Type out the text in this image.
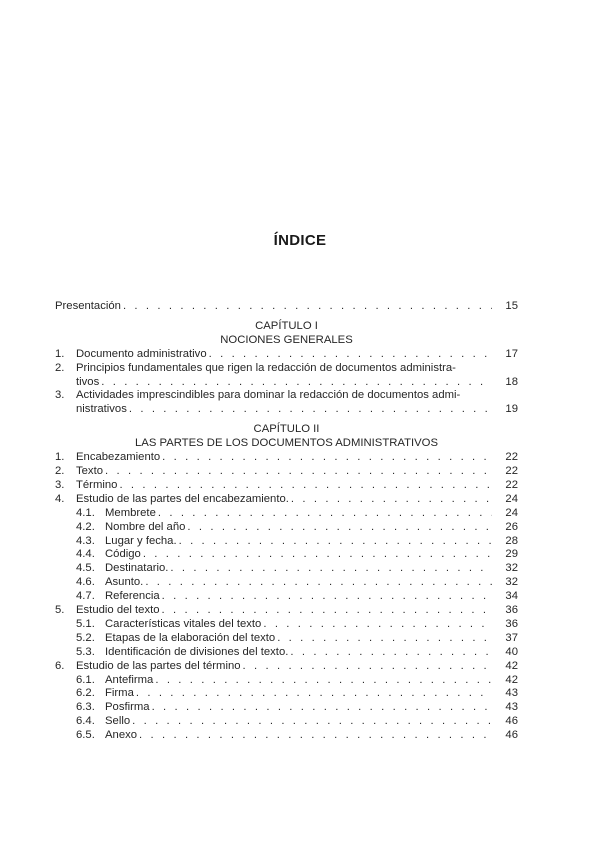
ÍNDICE
Presentación . . .	15
CAPÍTULO I
NOCIONES GENERALES
1.	Documento administrativo . . .	17
2.	Principios fundamentales que rigen la redacción de documentos administra-
tivos . . .	18
3.	Actividades imprescindibles para dominar la redacción de documentos admi-
nistrativos . . .	19
CAPÍTULO II
LAS PARTES DE LOS DOCUMENTOS ADMINISTRATIVOS
1.	Encabezamiento . . .	22
2.	Texto . . .	22
3.	Término . . .	22
4.	Estudio de las partes del encabezamiento. . . .	24
4.1. Membrete . . .	24
4.2. Nombre del año . . .	26
4.3. Lugar y fecha. . . .	28
4.4. Código . . .	29
4.5. Destinatario. . . .	32
4.6. Asunto. . . .	32
4.7. Referencia . . .	34
5.	Estudio del texto . . .	36
5.1. Características vitales del texto . . .	36
5.2. Etapas de la elaboración del texto . . .	37
5.3. Identificación de divisiones del texto. . . .	40
6.	Estudio de las partes del término . . .	42
6.1. Antefirma . . .	42
6.2. Firma . . .	43
6.3. Posfirma . . .	43
6.4. Sello . . .	46
6.5. Anexo . . .	46
